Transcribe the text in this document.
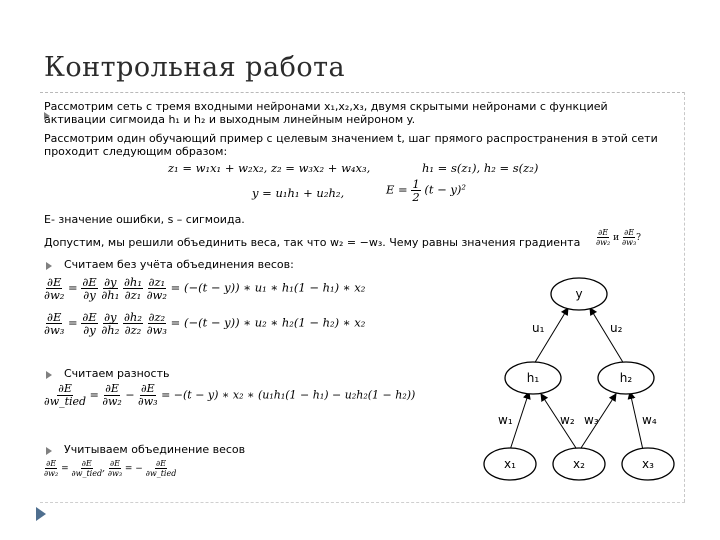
Контрольная работа
Рассмотрим сеть с тремя входными нейронами x₁,x₂,x₃, двумя скрытыми нейронами с функцией
активации сигмоида h₁ и h₂ и выходным линейным нейроном y.
Рассмотрим один обучающий пример с целевым значением t, шаг прямого распространения в этой сети
проходит следующим образом:
z₁ = w₁x₁ + w₂x₂, z₂ = w₃x₂ + w₄x₃,	h₁ = s(z₁), h₂ = s(z₂)
y = u₁h₁ + u₂h₂,	$E = \frac{1}{2} (t - y)^2$
E- значение ошибки, s – сигмоида.
Допустим, мы решили объединить веса, так что w₂ = −w₃. Чему равны значения градиента $\frac{\partial E}{\text{∂w₂}}$ и $\frac{\partial E}{\text{∂w₃}}$ ?
Считаем без учёта объединения весов:
$\frac{\partial E}{\text{∂w₂}} = \frac{\partial E}{\partial y}$
$\frac{\partial y}{\text{∂h₁}}$
$\frac{\text{∂h₁}}{\text{∂z₁}}$
$\frac{\text{∂z₁}}{\text{∂w₂}} = (-(t - y))$ ∗ u₁ ∗ h₁(1 − h₁) ∗ x₂
$\frac{\partial E}{\text{∂w₃}} = \frac{\partial E}{\partial y}$
$\frac{\partial y}{\text{∂h₂}}$
$\frac{\text{∂h₂}}{\text{∂z₂}}$
$\frac{\text{∂z₂}}{\text{∂w₃}} = (-(t - y))$ ∗ u₂ ∗ h₂(1 − h₂) ∗ x₂
Считаем разность
$\frac{\partial E}{\text{∂w\_tied}} = \frac{\partial E}{\text{∂w₂}} - \frac{\partial E}{\text{∂w₃}} = -(t - y)$ ∗ x₂ ∗ (u₁h₁(1 − h₁) − u₂h₂(1 − h₂))
Учитываем объединение весов
$\frac{\partial E}{\text{∂w₂}} = \frac{\partial E}{\text{∂w\_tied}}$ , $\frac{\partial E}{\text{∂w₃}}$ = − $\frac{\partial E}{\text{∂w\_tied}}$
y
h₁	h₂
x₁	x₂	x₃
u₁	u₂
w₁	w₂ w₃	w₄
